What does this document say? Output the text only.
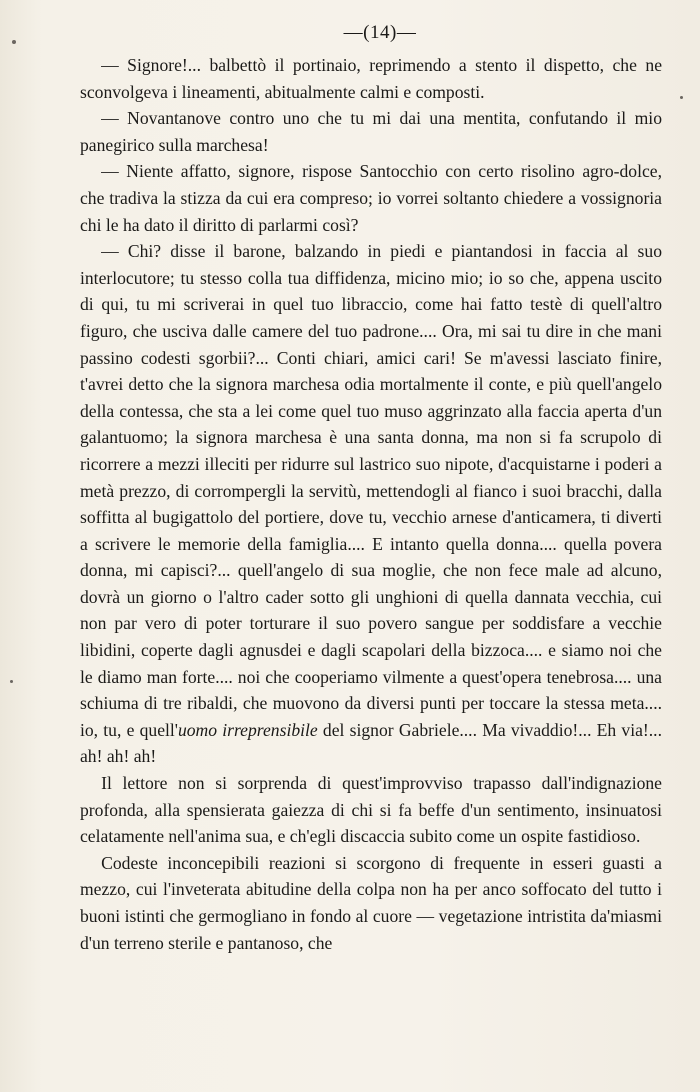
—(14)—

— Signore!... balbettò il portinaio, reprimendo a stento il dispetto, che ne sconvolgeva i lineamenti, abitualmente calmi e composti.

— Novantanove contro uno che tu mi dai una mentita, confutando il mio panegirico sulla marchesa!

— Niente affatto, signore, rispose Santocchio con certo risolino agro-dolce, che tradiva la stizza da cui era compreso; io vorrei soltanto chiedere a vossignoria chi le ha dato il diritto di parlarmi così?

— Chi? disse il barone, balzando in piedi e piantandosi in faccia al suo interlocutore; tu stesso colla tua diffidenza, micino mio; io so che, appena uscito di qui, tu mi scriverai in quel tuo libraccio, come hai fatto testè di quell'altro figuro, che usciva dalle camere del tuo padrone.... Ora, mi sai tu dire in che mani passino codesti sgorbii?... Conti chiari, amici cari! Se m'avessi lasciato finire, t'avrei detto che la signora marchesa odia mortalmente il conte, e più quell'angelo della contessa, che sta a lei come quel tuo muso aggrinzato alla faccia aperta d'un galantuomo; la signora marchesa è una santa donna, ma non si fa scrupolo di ricorrere a mezzi illeciti per ridurre sul lastrico suo nipote, d'acquistarne i poderi a metà prezzo, di corrompergli la servitù, mettendogli al fianco i suoi bracchi, dalla soffitta al bugigattolo del portiere, dove tu, vecchio arnese d'anticamera, ti diverti a scrivere le memorie della famiglia.... E intanto quella donna.... quella povera donna, mi capisci?... quell'angelo di sua moglie, che non fece male ad alcuno, dovrà un giorno o l'altro cader sotto gli unghioni di quella dannata vecchia, cui non par vero di poter torturare il suo povero sangue per soddisfare a vecchie libidini, coperte dagli agnusdei e dagli scapolari della bizzoca.... e siamo noi che le diamo man forte.... noi che cooperiamo vilmente a quest'opera tenebrosa.... una schiuma di tre ribaldi, che muovono da diversi punti per toccare la stessa meta.... io, tu, e quell'uomo irreprensibile del signor Gabriele.... Ma vivaddio!... Eh via!... ah! ah! ah!

Il lettore non si sorprenda di quest'improvviso trapasso dall'indignazione profonda, alla spensierata gaiezza di chi si fa beffe d'un sentimento, insinuatosi celatamente nell'anima sua, e ch'egli discaccia subito come un ospite fastidioso.

Codeste inconcepibili reazioni si scorgono di frequente in esseri guasti a mezzo, cui l'inveterata abitudine della colpa non ha per anco soffocato del tutto i buoni istinti che germogliano in fondo al cuore — vegetazione intristita da'miasmi d'un terreno sterile e pantanoso, che
